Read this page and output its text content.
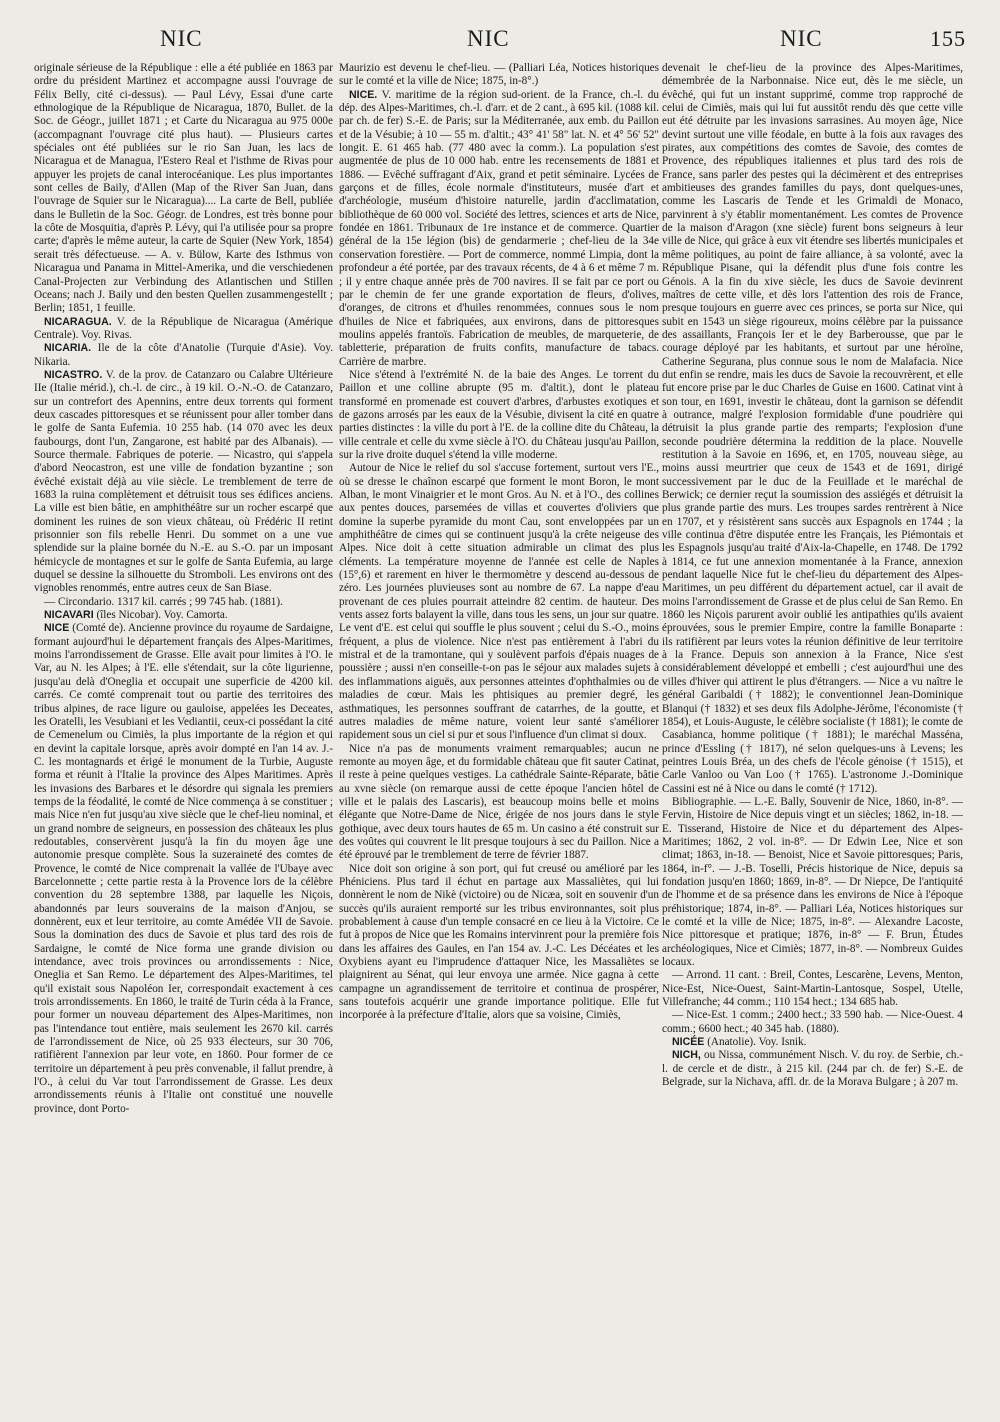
NIC	NIC	NIC	155

originale sérieuse de la République : elle a été publiée en 1863 par ordre du président Martinez et accompagne aussi l'ouvrage de Félix Belly, cité ci-dessus). — Paul Lévy, Essai d'une carte ethnologique de la République de Nicaragua, 1870, Bullet. de la Soc. de Géogr., juillet 1871 ; et Carte du Nicaragua au 975 000e (accompagnant l'ouvrage cité plus haut). — Plusieurs cartes spéciales ont été publiées sur le rio San Juan, les lacs de Nicaragua et de Managua, l'Estero Real et l'isthme de Rivas pour appuyer les projets de canal interocéanique. Les plus importantes sont celles de Baily, d'Allen (Map of the River San Juan, dans l'ouvrage de Squier sur le Nicaragua).... La carte de Bell, publiée dans le Bulletin de la Soc. Géogr. de Londres, est très bonne pour la côte de Mosquitia, d'après P. Lévy, qui l'a utilisée pour sa propre carte; d'après le même auteur, la carte de Squier (New York, 1854) serait très défectueuse. — A. v. Bülow, Karte des Isthmus von Nicaragua und Panama in Mittel-Amerika, und die verschiedenen Canal-Projecten zur Verbindung des Atlantischen und Stillen Oceans; nach J. Baily und den besten Quellen zusammengestellt ; Berlin; 1851, 1 feuille.

NICARAGUA. V. de la République de Nicaragua (Amérique Centrale). Voy. Rivas.

NICARIA. Ile de la côte d'Anatolie (Turquie d'Asie). Voy. Nikaria.

NICASTRO. V. de la prov. de Catanzaro ou Calabre Ultérieure IIe (Italie mérid.), ch.-l. de circ., à 19 kil. O.-N.-O. de Catanzaro, sur un contrefort des Apennins, entre deux torrents qui forment deux cascades pittoresques et se réunissent pour aller tomber dans le golfe de Santa Eufemia. 10 255 hab. (14 070 avec les deux faubourgs, dont l'un, Zangarone, est habité par des Albanais). — Source thermale. Fabriques de poterie. — Nicastro, qui s'appela d'abord Neocastron, est une ville de fondation byzantine ; son évêché existait déjà au viie siècle. Le tremblement de terre de 1683 la ruina complètement et détruisit tous ses édifices anciens. La ville est bien bâtie, en amphithéâtre sur un rocher escarpé que dominent les ruines de son vieux château, où Frédéric II retint prisonnier son fils rebelle Henri. Du sommet on a une vue splendide sur la plaine bornée du N.-E. au S.-O. par un imposant hémicycle de montagnes et sur le golfe de Santa Eufemia, au large duquel se dessine la silhouette du Stromboli. Les environs ont des vignobles renommés, entre autres ceux de San Biase.

— Circondario. 1317 kil. carrés ; 99 745 hab. (1881).

NICAVARI (îles Nicobar). Voy. Camorta.

NICE (Comté de). Ancienne province du royaume de Sardaigne, formant aujourd'hui le département français des Alpes-Maritimes, moins l'arrondissement de Grasse. Elle avait pour limites à l'O. le Var, au N. les Alpes; à l'E. elle s'étendait, sur la côte ligurienne, jusqu'au delà d'Oneglia et occupait une superficie de 4200 kil. carrés. Ce comté comprenait tout ou partie des territoires des tribus alpines, de race ligure ou gauloise, appelées les Deceates, les Oratelli, les Vesubiani et les Vediantii, ceux-ci possédant la cité de Cemenelum ou Cimiès, la plus importante de la région et qui en devint la capitale lorsque, après avoir dompté en l'an 14 av. J.-C. les montagnards et érigé le monument de la Turbie, Auguste forma et réunit à l'Italie la province des Alpes Maritimes. Après les invasions des Barbares et le désordre qui signala les premiers temps de la féodalité, le comté de Nice commença à se constituer ; mais Nice n'en fut jusqu'au xive siècle que le chef-lieu nominal, et un grand nombre de seigneurs, en possession des châteaux les plus redoutables, conservèrent jusqu'à la fin du moyen âge une autonomie presque complète. Sous la suzeraineté des comtes de Provence, le comté de Nice comprenait la vallée de l'Ubaye avec Barcelonnette ; cette partie resta à la Provence lors de la célèbre convention du 28 septembre 1388, par laquelle les Niçois, abandonnés par leurs souverains de la maison d'Anjou, se donnèrent, eux et leur territoire, au comte Amédée VII de Savoie. Sous la domination des ducs de Savoie et plus tard des rois de Sardaigne, le comté de Nice forma une grande division ou intendance, avec trois provinces ou arrondissements : Nice, Oneglia et San Remo. Le département des Alpes-Maritimes, tel qu'il existait sous Napoléon Ier, correspondait exactement à ces trois arrondissements. En 1860, le traité de Turin céda à la France, pour former un nouveau département des Alpes-Maritimes, non pas l'intendance tout entière, mais seulement les 2670 kil. carrés de l'arrondissement de Nice, où 25 933 électeurs, sur 30 706, ratifièrent l'annexion par leur vote, en 1860. Pour former de ce territoire un département à peu près convenable, il fallut prendre, à l'O., à celui du Var tout l'arrondissement de Grasse. Les deux arrondissements réunis à l'Italie ont constitué une nouvelle province, dont Porto-

Maurizio est devenu le chef-lieu. — (Palliari Léa, Notices historiques sur le comté et la ville de Nice; 1875, in-8°.)

NICE. V. maritime de la région sud-orient. de la France, ch.-l. du dép. des Alpes-Maritimes, ch.-l. d'arr. et de 2 cant., à 695 kil. (1088 kil. par ch. de fer) S.-E. de Paris; sur la Méditerranée, aux emb. du Paillon et de la Vésubie; à 10 — 55 m. d'altit.; 43° 41' 58" lat. N. et 4° 56' 52" longit. E. 61 465 hab. (77 480 avec la comm.). La population s'est augmentée de plus de 10 000 hab. entre les recensements de 1881 et 1886. — Evêché suffragant d'Aix, grand et petit séminaire. Lycées de garçons et de filles, école normale d'instituteurs, musée d'art et d'archéologie, muséum d'histoire naturelle, jardin d'acclimatation, bibliothèque de 60 000 vol. Société des lettres, sciences et arts de Nice, fondée en 1861. Tribunaux de 1re instance et de commerce. Quartier général de la 15e légion (bis) de gendarmerie ; chef-lieu de la 34e conservation forestière. — Port de commerce, nommé Limpia, dont la profondeur a été portée, par des travaux récents, de 4 à 6 et même 7 m. ; il y entre chaque année près de 700 navires. Il se fait par ce port ou par le chemin de fer une grande exportation de fleurs, d'olives, d'oranges, de citrons et d'huiles renommées, connues sous le nom d'huiles de Nice et fabriquées, aux environs, dans de pittoresques moulins appelés frantoïs. Fabrication de meubles, de marqueterie, de tabletterie, préparation de fruits confits, manufacture de tabacs. Carrière de marbre.

Nice s'étend à l'extrémité N. de la baie des Anges. Le torrent du Paillon et une colline abrupte (95 m. d'altit.), dont le plateau transformé en promenade est couvert d'arbres, d'arbustes exotiques et de gazons arrosés par les eaux de la Vésubie, divisent la cité en quatre parties distinctes : la ville du port à l'E. de la colline dite du Château, la ville centrale et celle du xvme siècle à l'O. du Château jusqu'au Paillon, sur la rive droite duquel s'étend la ville moderne.

Autour de Nice le relief du sol s'accuse fortement, surtout vers l'E., où se dresse le chaînon escarpé que forment le mont Boron, le mont Alban, le mont Vinaigrier et le mont Gros. Au N. et à l'O., des collines aux pentes douces, parsemées de villas et couvertes d'oliviers que domine la superbe pyramide du mont Cau, sont enveloppées par un amphithéâtre de cimes qui se continuent jusqu'à la crête neigeuse des Alpes. Nice doit à cette situation admirable un climat des plus cléments. La température moyenne de l'année est celle de Naples (15°,6) et rarement en hiver le thermomètre y descend au-dessous de zéro. Les journées pluvieuses sont au nombre de 67. La nappe d'eau provenant de ces pluies pourrait atteindre 82 centim. de hauteur. Des vents assez forts balayent la ville, dans tous les sens, un jour sur quatre. Le vent d'E. est celui qui souffle le plus souvent ; celui du S.-O., moins fréquent, a plus de violence. Nice n'est pas entièrement à l'abri du mistral et de la tramontane, qui y soulèvent parfois d'épais nuages de poussière ; aussi n'en conseille-t-on pas le séjour aux malades sujets à des inflammations aiguës, aux personnes atteintes d'ophthalmies ou de maladies de cœur. Mais les phtisiques au premier degré, les asthmatiques, les personnes souffrant de catarrhes, de la goutte, et autres maladies de même nature, voient leur santé s'améliorer rapidement sous un ciel si pur et sous l'influence d'un climat si doux.

Nice n'a pas de monuments vraiment remarquables; aucun ne remonte au moyen âge, et du formidable château que fit sauter Catinat, il reste à peine quelques vestiges. La cathédrale Sainte-Réparate, bâtie au xvne siècle (on remarque aussi de cette époque l'ancien hôtel de ville et le palais des Lascaris), est beaucoup moins belle et moins élégante que Notre-Dame de Nice, érigée de nos jours dans le style gothique, avec deux tours hautes de 65 m. Un casino a été construit sur des voûtes qui couvrent le lit presque toujours à sec du Paillon. Nice a été éprouvé par le tremblement de terre de février 1887.

Nice doit son origine à son port, qui fut creusé ou amélioré par les Phéniciens. Plus tard il échut en partage aux Massaliètes, qui lui donnèrent le nom de Nikè (victoire) ou de Nicæa, soit en souvenir d'un succès qu'ils auraient remporté sur les tribus environnantes, soit plus probablement à cause d'un temple consacré en ce lieu à la Victoire. Ce fut à propos de Nice que les Romains intervinrent pour la première fois dans les affaires des Gaules, en l'an 154 av. J.-C. Les Décéates et les Oxybiens ayant eu l'imprudence d'attaquer Nice, les Massaliètes se plaignirent au Sénat, qui leur envoya une armée. Nice gagna à cette campagne un agrandissement de territoire et continua de prospérer, sans toutefois acquérir une grande importance politique. Elle fut incorporée à la préfecture d'Italie, alors que sa voisine, Cimiès,

devenait le chef-lieu de la province des Alpes-Maritimes, démembrée de la Narbonnaise. Nice eut, dès le me siècle, un évêché, qui fut un instant supprimé, comme trop rapproché de celui de Cimiès, mais qui lui fut aussitôt rendu dès que cette ville eut été détruite par les invasions sarrasines. Au moyen âge, Nice devint surtout une ville féodale, en butte à la fois aux ravages des pirates, aux compétitions des comtes de Savoie, des comtes de Provence, des républiques italiennes et plus tard des rois de France, sans parler des pestes qui la décimèrent et des entreprises ambitieuses des grandes familles du pays, dont quelques-unes, comme les Lascaris de Tende et les Grimaldi de Monaco, parvinrent à s'y établir momentanément. Les comtes de Provence de la maison d'Aragon (xne siècle) furent bons seigneurs à leur ville de Nice, qui grâce à eux vit étendre ses libertés municipales et même politiques, au point de faire alliance, à sa volonté, avec la République Pisane, qui la défendit plus d'une fois contre les Génois. A la fin du xive siècle, les ducs de Savoie devinrent maîtres de cette ville, et dès lors l'attention des rois de France, presque toujours en guerre avec ces princes, se porta sur Nice, qui subit en 1543 un siège rigoureux, moins célèbre par la puissance des assaillants, François Ier et le dey Barberousse, que par le courage déployé par les habitants, et surtout par une héroïne, Catherine Segurana, plus connue sous le nom de Malafacia. Nice dut enfin se rendre, mais les ducs de Savoie la recouvrèrent, et elle fut encore prise par le duc Charles de Guise en 1600. Catinat vint à son tour, en 1691, investir le château, dont la garnison se défendit à outrance, malgré l'explosion formidable d'une poudrière qui détruisit la plus grande partie des remparts; l'explosion d'une seconde poudrière détermina la reddition de la place. Nouvelle restitution à la Savoie en 1696, et, en 1705, nouveau siège, au moins aussi meurtrier que ceux de 1543 et de 1691, dirigé successivement par le duc de la Feuillade et le maréchal de Berwick; ce dernier reçut la soumission des assiégés et détruisit la plus grande partie des murs. Les troupes sardes rentrèrent à Nice en 1707, et y résistèrent sans succès aux Espagnols en 1744 ; la ville continua d'être disputée entre les Français, les Piémontais et les Espagnols jusqu'au traité d'Aix-la-Chapelle, en 1748. De 1792 à 1814, ce fut une annexion momentanée à la France, annexion pendant laquelle Nice fut le chef-lieu du département des Alpes-Maritimes, un peu différent du département actuel, car il avait de moins l'arrondissement de Grasse et de plus celui de San Remo. En 1860 les Niçois parurent avoir oublié les antipathies qu'ils avaient éprouvées, sous le premier Empire, contre la famille Bonaparte : ils ratifièrent par leurs votes la réunion définitive de leur territoire à la France. Depuis son annexion à la France, Nice s'est considérablement développé et embelli ; c'est aujourd'hui une des villes d'hiver qui attirent le plus d'étrangers. — Nice a vu naître le général Garibaldi († 1882); le conventionnel Jean-Dominique Blanqui († 1832) et ses deux fils Adolphe-Jérôme, l'économiste († 1854), et Louis-Auguste, le célèbre socialiste († 1881); le comte de Casabianca, homme politique († 1881); le maréchal Masséna, prince d'Essling († 1817), né selon quelques-uns à Levens; les peintres Louis Bréa, un des chefs de l'école génoise († 1515), et Carle Vanloo ou Van Loo († 1765). L'astronome J.-Dominique Cassini est né à Nice ou dans le comté († 1712).

Bibliographie. — L.-E. Bally, Souvenir de Nice, 1860, in-8°. — Fervin, Histoire de Nice depuis vingt et un siècles; 1862, in-18. — E. Tisserand, Histoire de Nice et du département des Alpes-Maritimes; 1862, 2 vol. in-8°. — Dr Edwin Lee, Nice et son climat; 1863, in-18. — Benoist, Nice et Savoie pittoresques; Paris, 1864, in-f°. — J.-B. Toselli, Précis historique de Nice, depuis sa fondation jusqu'en 1860; 1869, in-8°. — Dr Niepce, De l'antiquité de l'homme et de sa présence dans les environs de Nice à l'époque préhistorique; 1874, in-8°. — Palliari Léa, Notices historiques sur le comté et la ville de Nice; 1875, in-8°. — Alexandre Lacoste, Nice pittoresque et pratique; 1876, in-8° — F. Brun, Études archéologiques, Nice et Cimiès; 1877, in-8°. — Nombreux Guides locaux.

— Arrond. 11 cant. : Breil, Contes, Lescarène, Levens, Menton, Nice-Est, Nice-Ouest, Saint-Martin-Lantosque, Sospel, Utelle, Villefranche; 44 comm.; 110 154 hect.; 134 685 hab.

— Nice-Est. 1 comm.; 2400 hect.; 33 590 hab. — Nice-Ouest. 4 comm.; 6600 hect.; 40 345 hab. (1880).

NICÉE (Anatolie). Voy. Isnik.

NICH, ou Nissa, communément Nisch. V. du roy. de Serbie, ch.-l. de cercle et de distr., à 215 kil. (244 par ch. de fer) S.-E. de Belgrade, sur la Nichava, affl. dr. de la Morava Bulgare ; à 207 m.
